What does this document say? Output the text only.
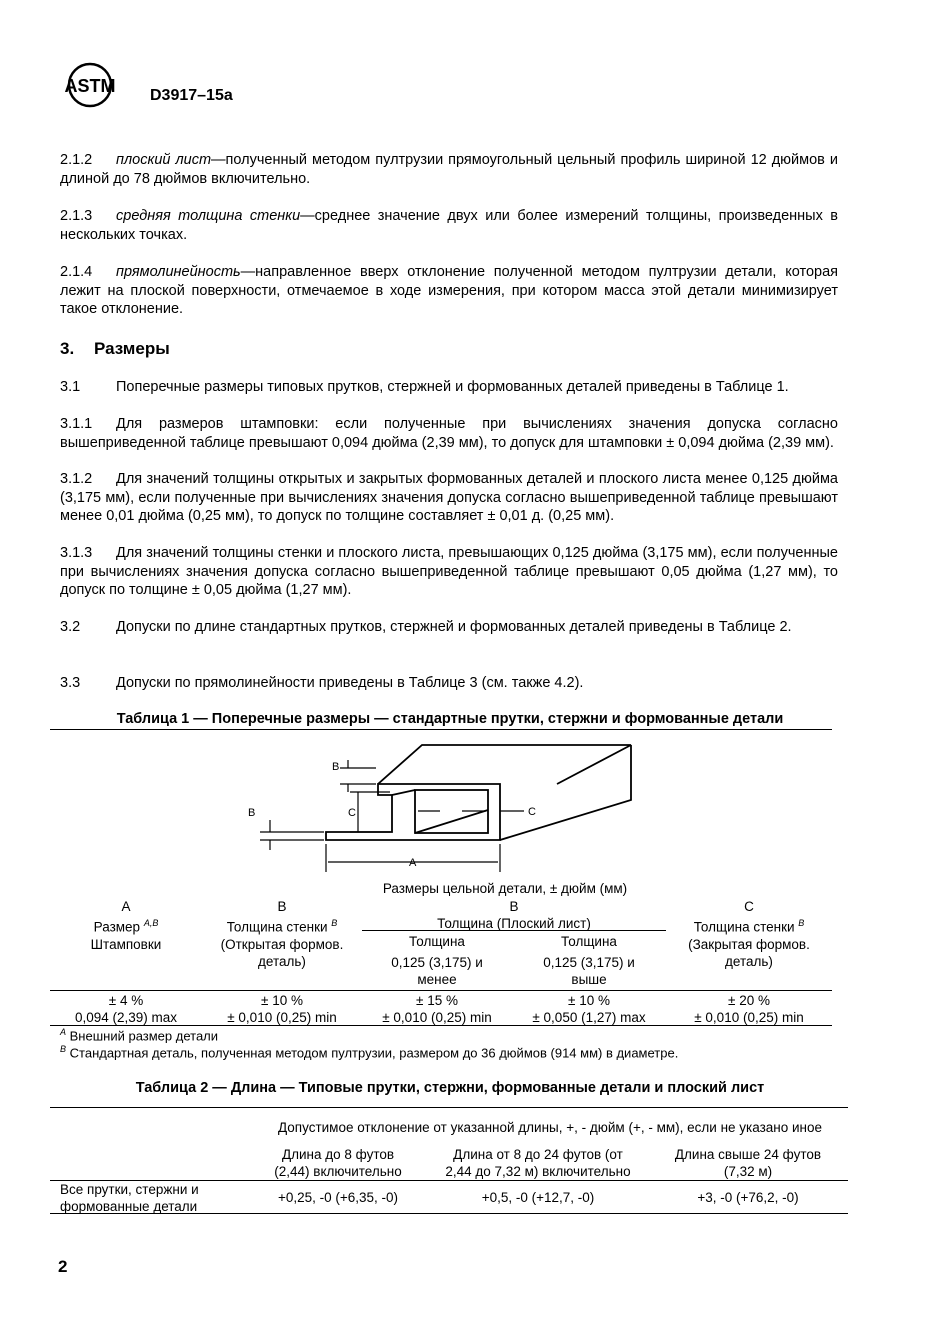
ASTM D3917–15a
2.1.2 плоский лист—полученный методом пултрузии прямоугольный цельный профиль шириной 12 дюймов и длиной до 78 дюймов включительно.
2.1.3 средняя толщина стенки—среднее значение двух или более измерений толщины, произведенных в нескольких точках.
2.1.4 прямолинейность—направленное вверх отклонение полученной методом пултрузии детали, которая лежит на плоской поверхности, отмечаемое в ходе измерения, при котором масса этой детали минимизирует такое отклонение.
3. Размеры
3.1 Поперечные размеры типовых прутков, стержней и формованных деталей приведены в Таблице 1.
3.1.1 Для размеров штамповки: если полученные при вычислениях значения допуска согласно вышеприведенной таблице превышают 0,094 дюйма (2,39 мм), то допуск для штамповки ± 0,094 дюйма (2,39 мм).
3.1.2 Для значений толщины открытых и закрытых формованных деталей и плоского листа менее 0,125 дюйма (3,175 мм), если полученные при вычислениях значения допуска согласно вышеприведенной таблице превышают менее 0,01 дюйма (0,25 мм), то допуск по толщине составляет ± 0,01 д. (0,25 мм).
3.1.3 Для значений толщины стенки и плоского листа, превышающих 0,125 дюйма (3,175 мм), если полученные при вычислениях значения допуска согласно вышеприведенной таблице превышают 0,05 дюйма (1,27 мм), то допуск по толщине ± 0,05 дюйма (1,27 мм).
3.2 Допуски по длине стандартных прутков, стержней и формованных деталей приведены в Таблице 2.
3.3 Допуски по прямолинейности приведены в Таблице 3 (см. также 4.2).
Таблица 1 — Поперечные размеры — стандартные прутки, стержни и формованные детали
B
C
B
A
C
Размеры цельной детали, ± дюйм (мм)
A
Размер $^{A,B}$
Штамповки
B
Толщина стенки $^B$
(Открытая формов.
деталь)
B
Толщина (Плоский лист)
Толщина
0,125 (3,175) и
менее
Толщина
0,125 (3,175) и
выше
C
Толщина стенки $^B$
(Закрытая формов.
деталь)
± 4 %
0,094 (2,39) max
± 10 %
± 0,010 (0,25) min
± 15 %
± 0,010 (0,25) min
± 10 %
± 0,050 (1,27) max
± 20 %
± 0,010 (0,25) min
$^A$ Внешний размер детали
$^B$ Стандартная деталь, полученная методом пултрузии, размером до 36 дюймов (914 мм) в диаметре.
Таблица 2 — Длина — Типовые прутки, стержни, формованные детали и плоский лист
Допустимое отклонение от указанной длины, +, - дюйм (+, - мм), если не указано иное
Длина до 8 футов
(2,44) включительно
Длина от 8 до 24 футов (от
2,44 до 7,32 м) включительно
Длина свыше 24 футов
(7,32 м)
Все прутки, стержни и
формованные детали
+0,25, -0 (+6,35, -0)	+0,5, -0 (+12,7, -0)	+3, -0 (+76,2, -0)
2
